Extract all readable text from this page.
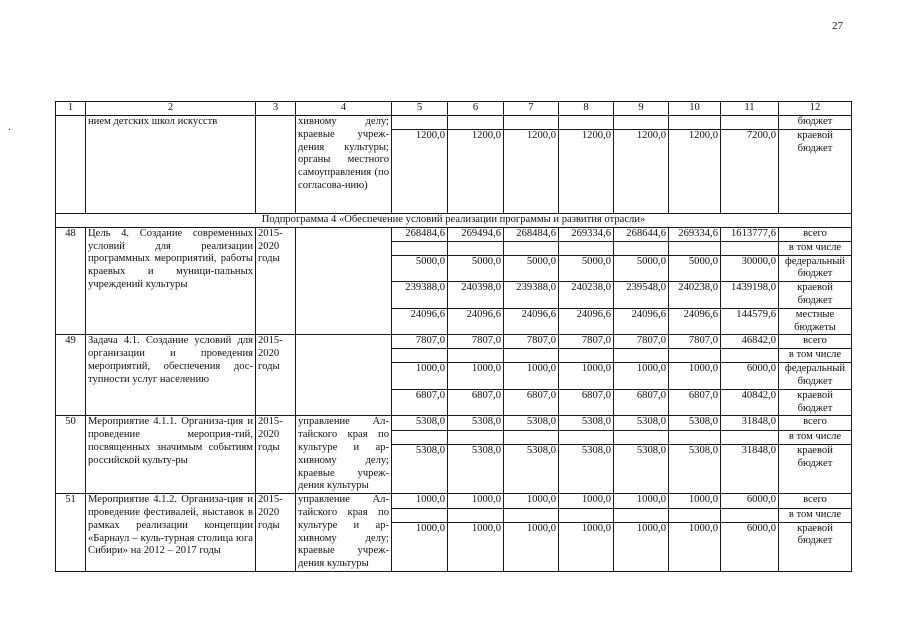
27
·
1	2	3	4	5	6	7	8	9	10	11	12
	нием детских школ искусств		хивному делу; краевые учреж-дения культуры; органы местного самоуправления (по согласова-нию)								бюджет
				1200,0	1200,0	1200,0	1200,0	1200,0	1200,0	7200,0	краевой бюджет
Подпрограмма 4 «Обеспечение условий реализации программы и развития отрасли»											
48	Цель 4. Создание современных условий для реализации программных мероприятий, работы краевых и муници-пальных учреждений культуры	2015-2020 годы		268484,6	269494,6	268484,6	269334,6	268644,6	269334,6	1613777,6	всего
											в том числе
				5000,0	5000,0	5000,0	5000,0	5000,0	5000,0	30000,0	федеральный бюджет
				239388,0	240398,0	239388,0	240238,0	239548,0	240238,0	1439198,0	краевой бюджет
				24096,6	24096,6	24096,6	24096,6	24096,6	24096,6	144579,6	местные бюджеты
49	Задача 4.1. Создание условий для организации и проведения мероприятий, обеспечения дос-тупности услуг населению	2015-2020 годы		7807,0	7807,0	7807,0	7807,0	7807,0	7807,0	46842,0	всего
											в том числе
				1000,0	1000,0	1000,0	1000,0	1000,0	1000,0	6000,0	федеральный бюджет
				6807,0	6807,0	6807,0	6807,0	6807,0	6807,0	40842,0	краевой бюджет
50	Мероприятие 4.1.1. Организа-ция и проведение мероприя-тий, посвященных значимым событиям российской культу-ры	2015-2020 годы	управление Ал-тайского края по культуре и ар-хивному делу; краевые учреж-дения культуры	5308,0	5308,0	5308,0	5308,0	5308,0	5308,0	31848,0	всего
											в том числе
				5308,0	5308,0	5308,0	5308,0	5308,0	5308,0	31848,0	краевой бюджет
51	Мероприятие 4.1.2. Организа-ция и проведение фестивалей, выставок в рамках реализации концепции «Барнаул – куль-турная столица юга Сибири» на 2012 – 2017 годы	2015-2020 годы	управление Ал-тайского края по культуре и ар-хивному делу; краевые учреж-дения культуры	1000,0	1000,0	1000,0	1000,0	1000,0	1000,0	6000,0	всего
											в том числе
				1000,0	1000,0	1000,0	1000,0	1000,0	1000,0	6000,0	краевой бюджет
